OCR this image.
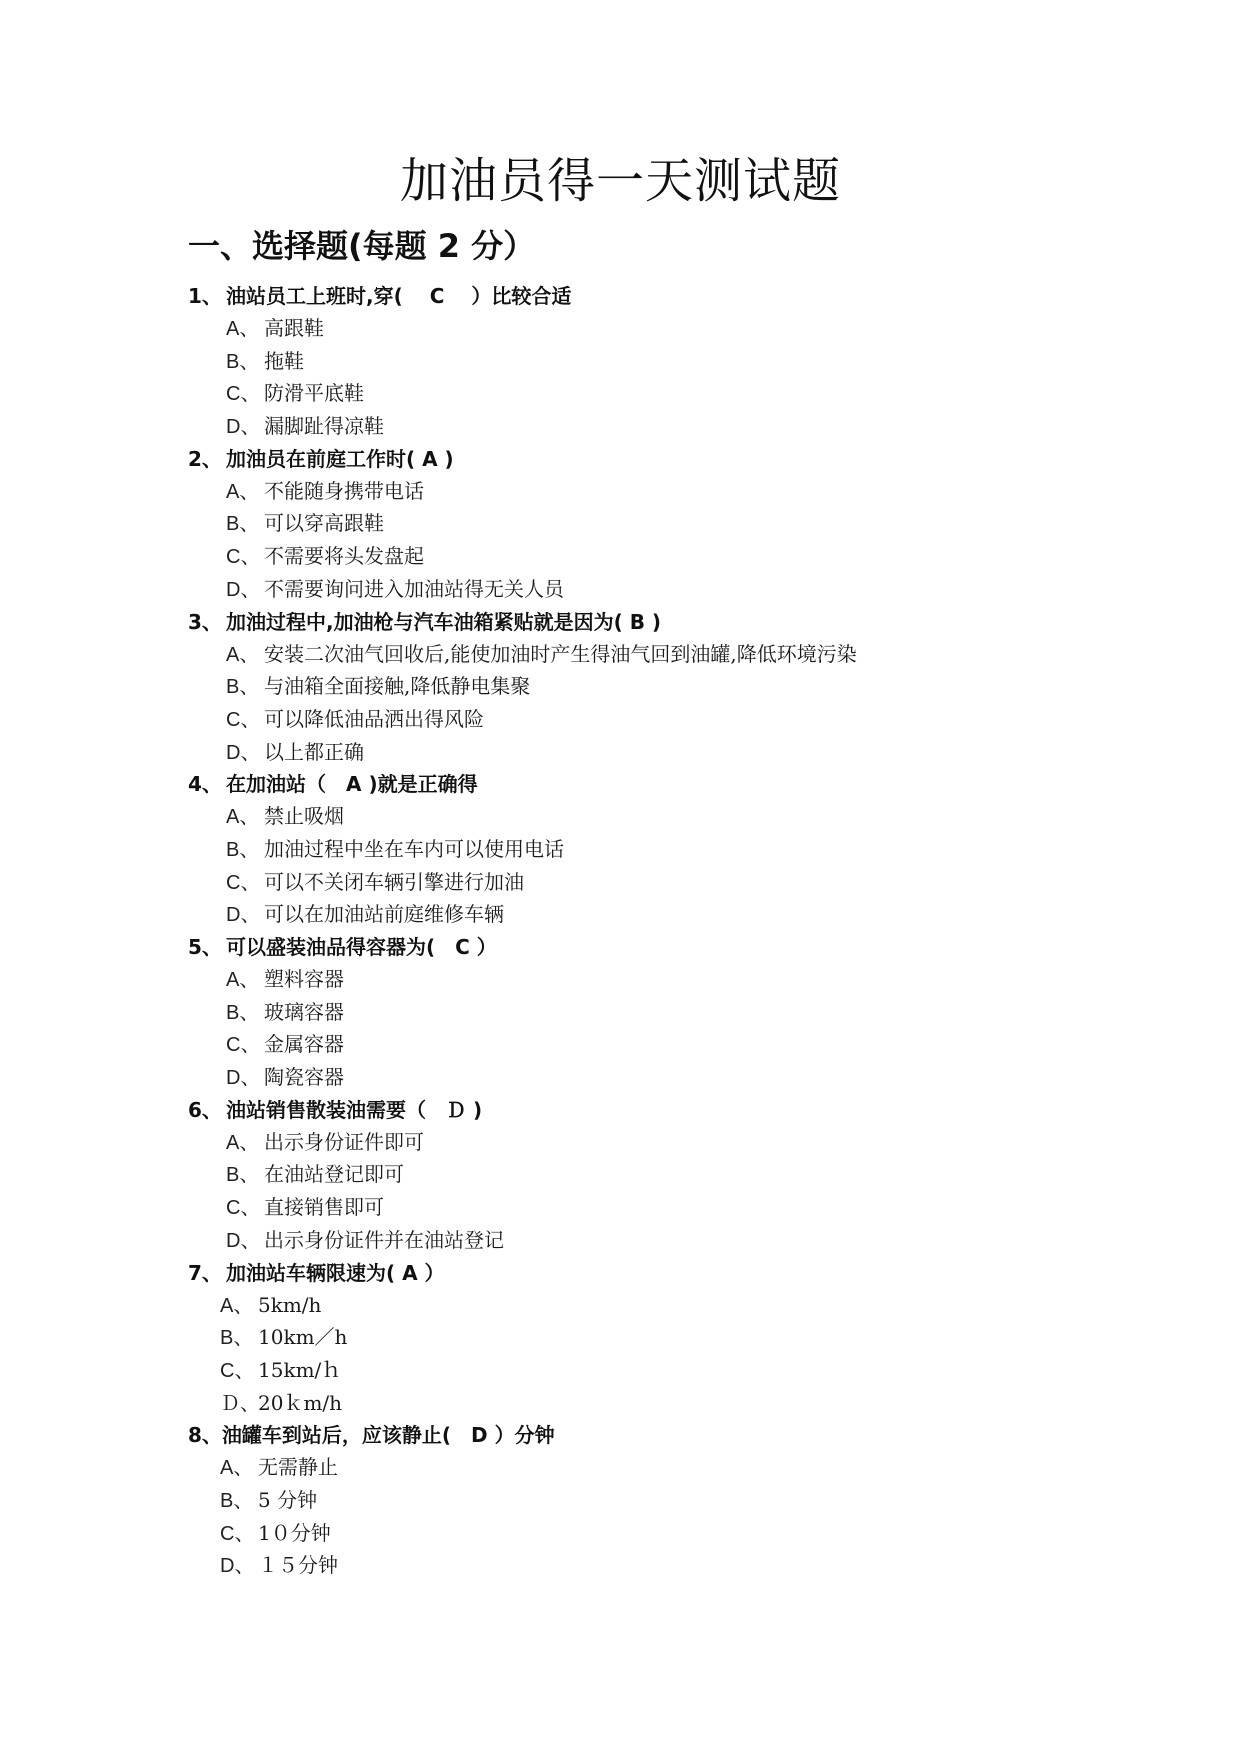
加油员得一天测试题
一、选择题(每题 2 分）
1、 油站员工上班时,穿(　 C　 ）比较合适
A、 高跟鞋
B、 拖鞋
C、 防滑平底鞋
D、 漏脚趾得凉鞋
2、 加油员在前庭工作时( A )
A、 不能随身携带电话
B、 可以穿高跟鞋
C、 不需要将头发盘起
D、 不需要询问进入加油站得无关人员
3、 加油过程中,加油枪与汽车油箱紧贴就是因为( B )
A、 安装二次油气回收后,能使加油时产生得油气回到油罐,降低环境污染
B、 与油箱全面接触,降低静电集聚
C、 可以降低油品洒出得风险
D、 以上都正确
4、 在加油站（　A )就是正确得
A、 禁止吸烟
B、 加油过程中坐在车内可以使用电话
C、 可以不关闭车辆引擎进行加油
D、 可以在加油站前庭维修车辆
5、 可以盛装油品得容器为(　C ）
A、 塑料容器
B、 玻璃容器
C、 金属容器
D、 陶瓷容器
6、 油站销售散装油需要（　Ｄ )
A、 出示身份证件即可
B、 在油站登记即可
C、 直接销售即可
D、 出示身份证件并在油站登记
7、 加油站车辆限速为( A ）
A、 5km/h
B、 10km／h
C、 15km/ｈ
Ｄ、20ｋm/h
8、油罐车到站后，应该静止(　D ）分钟
A、 无需静止
B、 5 分钟
C、 1０分钟
D、 １５分钟
